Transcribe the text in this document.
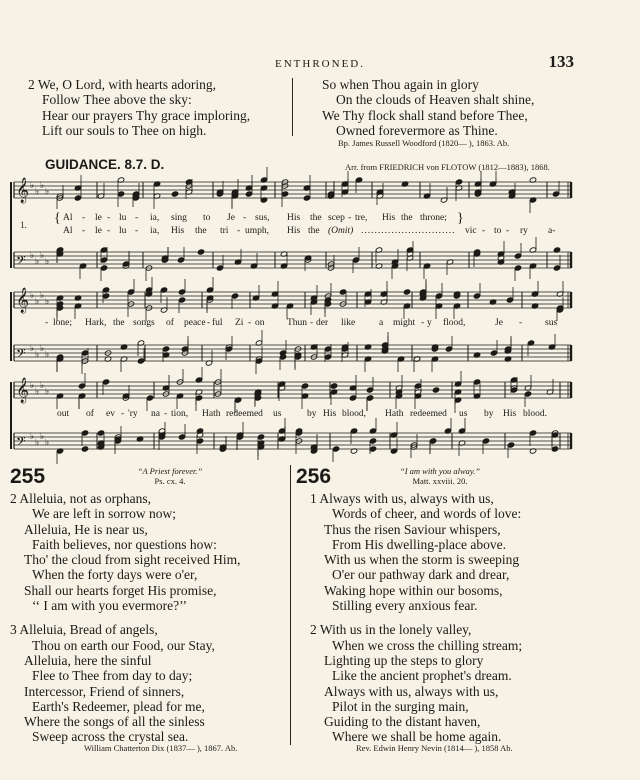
ENTHRONED.	133
2 We, O Lord, with hearts adoring,
Follow Thee above the sky:
Hear our prayers Thy grace imploring,
Lift our souls to Thee on high.
So when Thou again in glory
On the clouds of Heaven shalt shine,
We Thy flock shall stand before Thee,
Owned forevermore as Thine.
Bp. James Russell Woodford (1820— ), 1863. Ab.
GUIDANCE. 8.7. D.	Arr. from FRIEDRICH von FLOTOW (1812—1883), 1868.
𝄞 ♭
♭
♭
♭
𝄢 ♭
♭
♭
♭
𝄞 ♭
♭
♭
♭
𝄢 ♭
♭
♭
♭
𝄞 ♭
♭
♭
♭
𝄢 ♭
♭
♭
♭
1. { Al - le - lu - ia, sing to Je - sus, His the scep - tre, His the throne; }
Al - le - lu - ia, His the tri - umph, His the (Omit) ............................ vic - to - ry a-
- lone; Hark, the songs of peace - ful Zi - on Thun - der like	a might - y flood,	Je - sus
out of ev - 'ry na - tion, Hath redeemed us	by His blood, Hath redeemed us by His blood.
255	“A Priest forever.”
Ps. cx. 4.
2 Alleluia, not as orphans,
We are left in sorrow now;
Alleluia, He is near us,
Faith believes, nor questions how:
Tho' the cloud from sight received Him,
When the forty days were o'er,
Shall our hearts forget His promise,
‘‘ I am with you evermore?’’
3 Alleluia, Bread of angels,
Thou on earth our Food, our Stay,
Alleluia, here the sinful
Flee to Thee from day to day;
Intercessor, Friend of sinners,
Earth's Redeemer, plead for me,
Where the songs of all the sinless
Sweep across the crystal sea.
William Chatterton Dix (1837— ), 1867. Ab.
256	“I am with you alway.”
Matt. xxviii. 20.
1 Always with us, always with us,
Words of cheer, and words of love:
Thus the risen Saviour whispers,
From His dwelling-place above.
With us when the storm is sweeping
O'er our pathway dark and drear,
Waking hope within our bosoms,
Stilling every anxious fear.
2 With us in the lonely valley,
When we cross the chilling stream;
Lighting up the steps to glory
Like the ancient prophet's dream.
Always with us, always with us,
Pilot in the surging main,
Guiding to the distant haven,
Where we shall be home again.
Rev. Edwin Henry Nevin (1814— ), 1858 Ab.
